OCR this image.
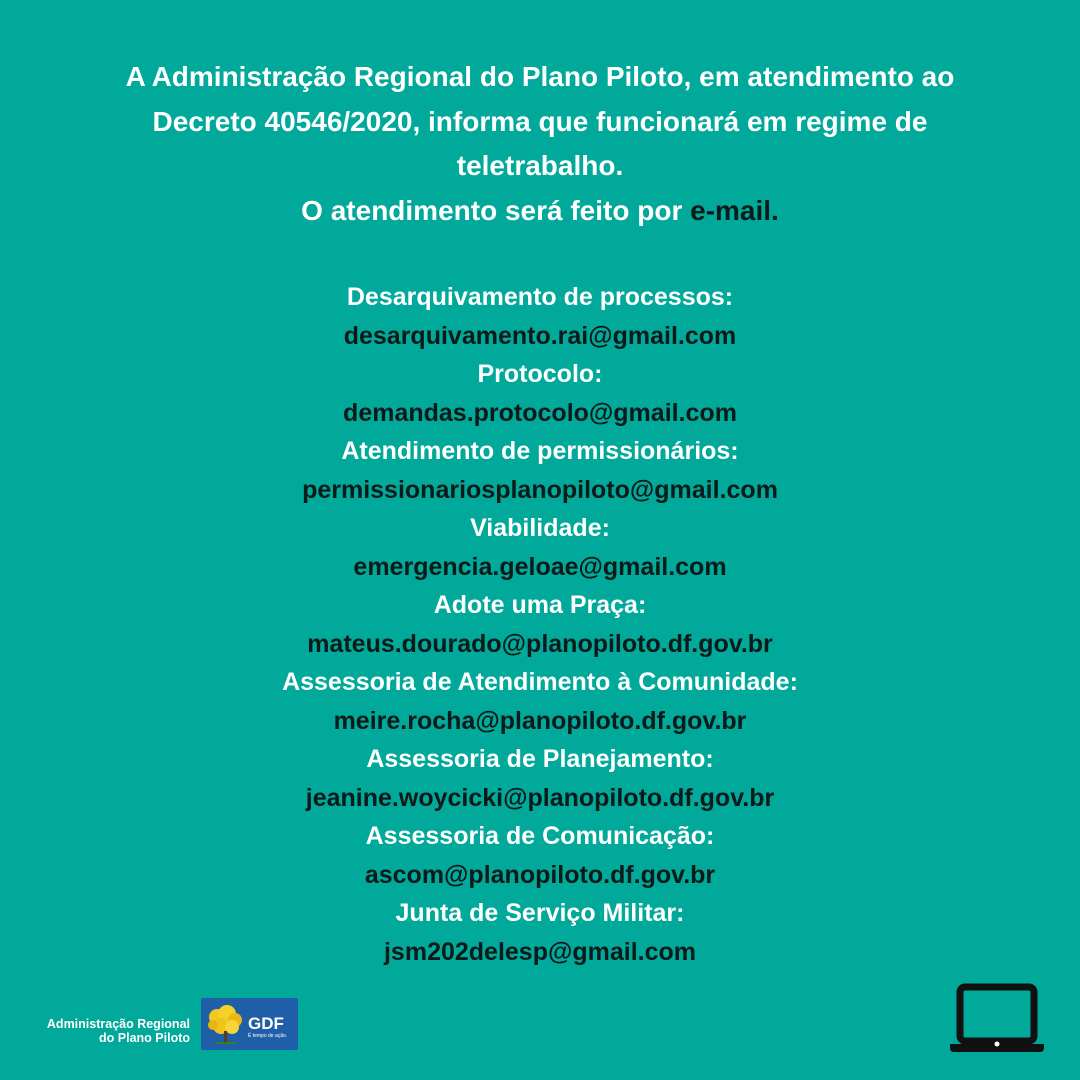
A Administração Regional do Plano Piloto, em atendimento ao
Decreto 40546/2020, informa que funcionará em regime de
teletrabalho.
O atendimento será feito por e-mail.
Desarquivamento de processos:
desarquivamento.rai@gmail.com
Protocolo:
demandas.protocolo@gmail.com
Atendimento de permissionários:
permissionariosplanopiloto@gmail.com
Viabilidade:
emergencia.geloae@gmail.com
Adote uma Praça:
mateus.dourado@planopiloto.df.gov.br
Assessoria de Atendimento à Comunidade:
meire.rocha@planopiloto.df.gov.br
Assessoria de Planejamento:
jeanine.woycicki@planopiloto.df.gov.br
Assessoria de Comunicação:
ascom@planopiloto.df.gov.br
Junta de Serviço Militar:
jsm202delesp@gmail.com
Administração Regional
do Plano Piloto
GDF
É tempo de ação.
